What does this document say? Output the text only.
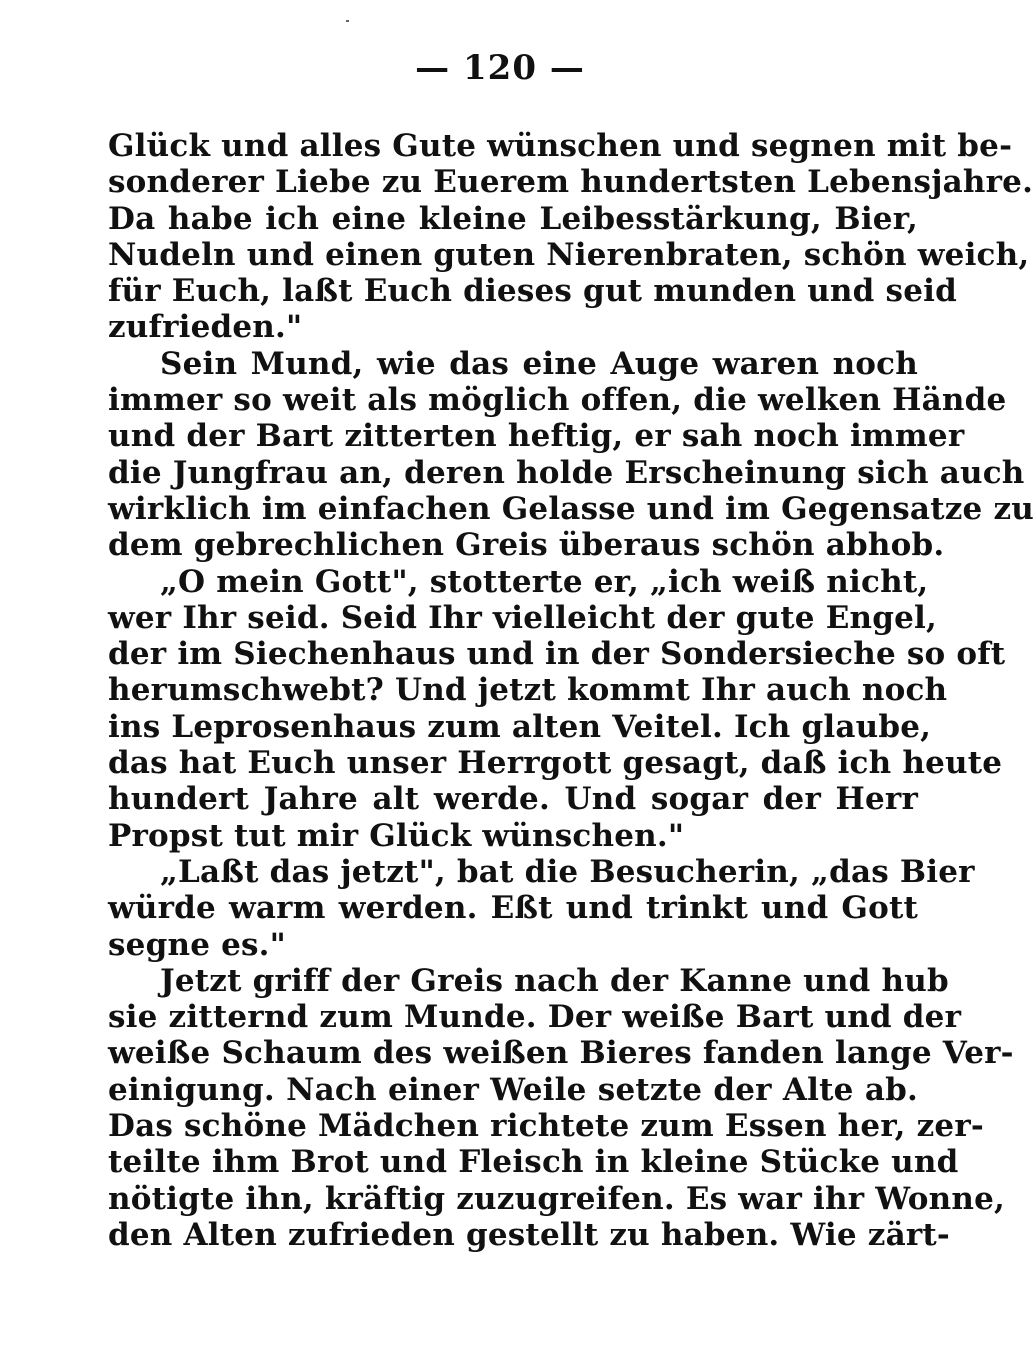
— 120 —
Glück und alles Gute wünschen und segnen mit be-
sonderer Liebe zu Euerem hundertsten Lebensjahre.
Da habe ich eine kleine Leibesstärkung, Bier,
Nudeln und einen guten Nierenbraten, schön weich,
für Euch, laßt Euch dieses gut munden und seid
zufrieden."
Sein Mund, wie das eine Auge waren noch
immer so weit als möglich offen, die welken Hände
und der Bart zitterten heftig, er sah noch immer
die Jungfrau an, deren holde Erscheinung sich auch
wirklich im einfachen Gelasse und im Gegensatze zu
dem gebrechlichen Greis überaus schön abhob.
„O mein Gott", stotterte er, „ich weiß nicht,
wer Ihr seid. Seid Ihr vielleicht der gute Engel,
der im Siechenhaus und in der Sondersieche so oft
herumschwebt? Und jetzt kommt Ihr auch noch
ins Leprosenhaus zum alten Veitel. Ich glaube,
das hat Euch unser Herrgott gesagt, daß ich heute
hundert Jahre alt werde. Und sogar der Herr
Propst tut mir Glück wünschen."
„Laßt das jetzt", bat die Besucherin, „das Bier
würde warm werden. Eßt und trinkt und Gott
segne es."
Jetzt griff der Greis nach der Kanne und hub
sie zitternd zum Munde. Der weiße Bart und der
weiße Schaum des weißen Bieres fanden lange Ver-
einigung. Nach einer Weile setzte der Alte ab.
Das schöne Mädchen richtete zum Essen her, zer-
teilte ihm Brot und Fleisch in kleine Stücke und
nötigte ihn, kräftig zuzugreifen. Es war ihr Wonne,
den Alten zufrieden gestellt zu haben. Wie zärt-
